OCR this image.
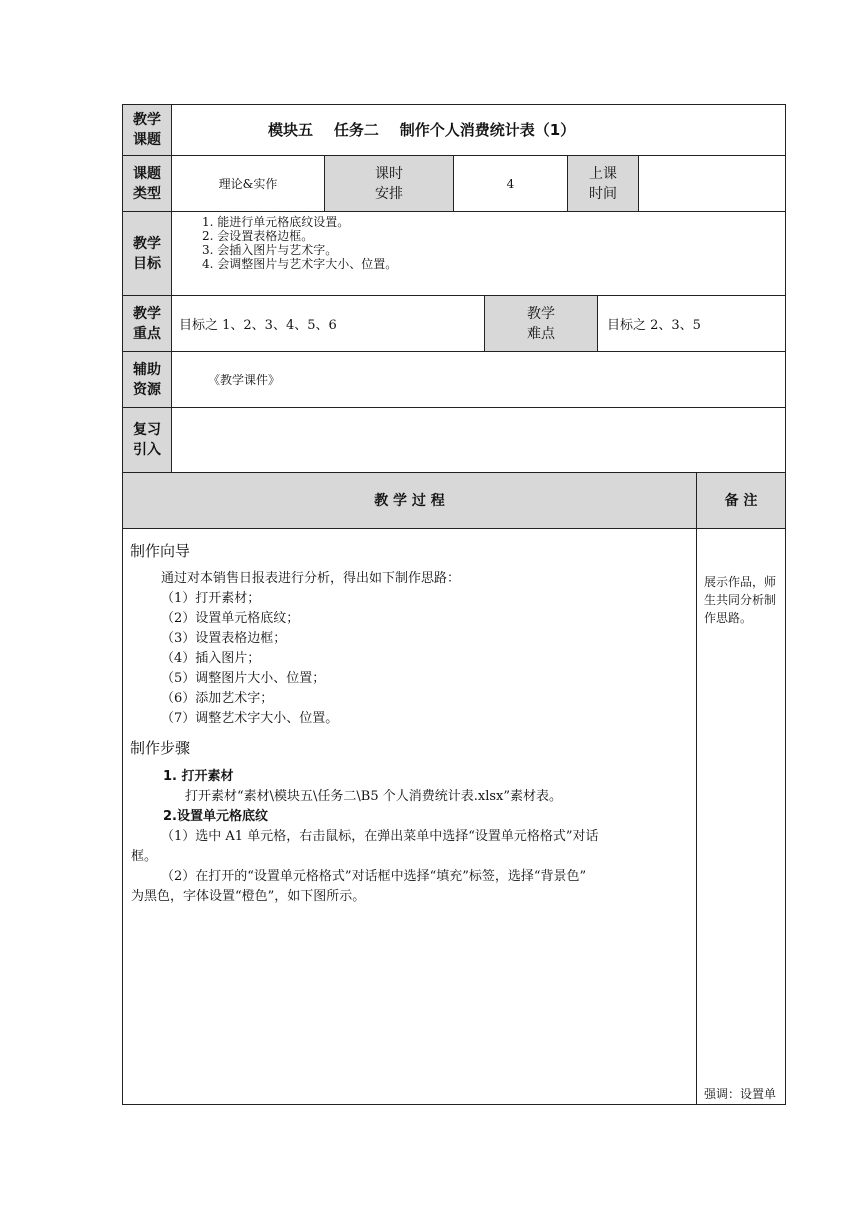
教学
课题
模块五    任务二    制作个人消费统计表（1）
课题
类型
理论&实作
课时
安排
4
上课
时间
教学
目标
1. 能进行单元格底纹设置。
2. 会设置表格边框。
3. 会插入图片与艺术字。
4. 会调整图片与艺术字大小、位置。
教学
重点 目标之 1、2、3、4、5、6
教学
难点	目标之 2、3、5
辅助
资源
《教学课件》
复习
引入
教 学 过 程	备 注
制作向导
通过对本销售日报表进行分析，得出如下制作思路：
（1）打开素材；
（2）设置单元格底纹；
（3）设置表格边框；
（4）插入图片；
（5）调整图片大小、位置；
（6）添加艺术字；
（7）调整艺术字大小、位置。
制作步骤
1. 打开素材
打开素材“素材\模块五\任务二\B5 个人消费统计表.xlsx”素材表。
2.设置单元格底纹
（1）选中 A1 单元格，右击鼠标，在弹出菜单中选择“设置单元格格式”对话
框。
（2）在打开的“设置单元格格式”对话框中选择“填充”标签，选择“背景色”
为黑色，字体设置“橙色”，如下图所示。
展示作品，师生共同分析制作思路。
强调：设置单
